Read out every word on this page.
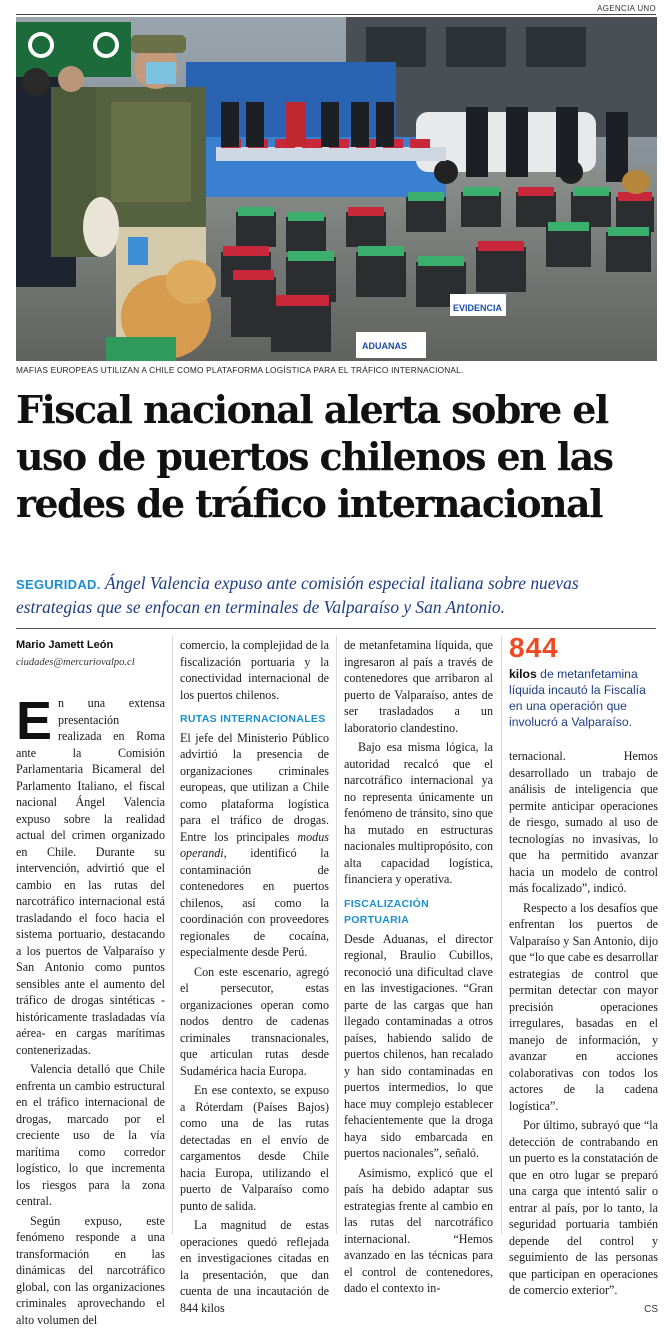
AGENCIA UNO
EVIDENCIA
ADUANAS
MAFIAS EUROPEAS UTILIZAN A CHILE COMO PLATAFORMA LOGÍSTICA PARA EL TRÁFICO INTERNACIONAL.
Fiscal nacional alerta sobre el uso de puertos chilenos en las redes de tráfico internacional
SEGURIDAD. Ángel Valencia expuso ante comisión especial italiana sobre nuevas estrategias que se enfocan en terminales de Valparaíso y San Antonio.
Mario Jamett León
ciudades@mercuriovalpo.cl

En una extensa presentación realizada en Roma ante la Comisión Parlamentaria Bicameral del Parlamento Italiano, el fiscal nacional Ángel Valencia expuso sobre la realidad actual del crimen organizado en Chile. Durante su intervención, advirtió que el cambio en las rutas del narcotráfico internacional está trasladando el foco hacia el sistema portuario, destacando a los puertos de Valparaíso y San Antonio como puntos sensibles ante el aumento del tráfico de drogas sintéticas -históricamente trasladadas vía aérea- en cargas marítimas contenerizadas.

Valencia detalló que Chile enfrenta un cambio estructural en el tráfico internacional de drogas, marcado por el creciente uso de la vía marítima como corredor logístico, lo que incrementa los riesgos para la zona central.

Según expuso, este fenómeno responde a una transformación en las dinámicas del narcotráfico global, con las organizaciones criminales aprovechando el alto volumen del

comercio, la complejidad de la fiscalización portuaria y la conectividad internacional de los puertos chilenos.

RUTAS INTERNACIONALES

El jefe del Ministerio Público advirtió la presencia de organizaciones criminales europeas, que utilizan a Chile como plataforma logística para el tráfico de drogas. Entre los principales modus operandi, identificó la contaminación de contenedores en puertos chilenos, así como la coordinación con proveedores regionales de cocaína, especialmente desde Perú.

Con este escenario, agregó el persecutor, estas organizaciones operan como nodos dentro de cadenas criminales transnacionales, que articulan rutas desde Sudamérica hacia Europa.

En ese contexto, se expuso a Róterdam (Países Bajos) como una de las rutas detectadas en el envío de cargamentos desde Chile hacia Europa, utilizando el puerto de Valparaíso como punto de salida.

La magnitud de estas operaciones quedó reflejada en investigaciones citadas en la presentación, que dan cuenta de una incautación de 844 kilos

de metanfetamina líquida, que ingresaron al país a través de contenedores que arribaron al puerto de Valparaíso, antes de ser trasladados a un laboratorio clandestino.

Bajo esa misma lógica, la autoridad recalcó que el narcotráfico internacional ya no representa únicamente un fenómeno de tránsito, sino que ha mutado en estructuras nacionales multipropósito, con alta capacidad logística, financiera y operativa.

FISCALIZACIÓN PORTUARIA

Desde Aduanas, el director regional, Braulio Cubillos, reconoció una dificultad clave en las investigaciones. “Gran parte de las cargas que han llegado contaminadas a otros países, habiendo salido de puertos chilenos, han recalado y han sido contaminadas en puertos intermedios, lo que hace muy complejo establecer fehacientemente que la droga haya sido embarcada en puertos nacionales”, señaló.

Asimismo, explicó que el país ha debido adaptar sus estrategias frente al cambio en las rutas del narcotráfico internacional. “Hemos avanzado en las técnicas para el control de contenedores, dado el contexto in-

844
kilos de metanfetamina líquida incautó la Fiscalía en una operación que involucró a Valparaíso.

ternacional. Hemos desarrollado un trabajo de análisis de inteligencia que permite anticipar operaciones de riesgo, sumado al uso de tecnologías no invasivas, lo que ha permitido avanzar hacia un modelo de control más focalizado”, indicó.

Respecto a los desafíos que enfrentan los puertos de Valparaíso y San Antonio, dijo que “lo que cabe es desarrollar estrategias de control que permitan detectar con mayor precisión operaciones irregulares, basadas en el manejo de información, y avanzar en acciones colaborativas con todos los actores de la cadena logística”.

Por último, subrayó que “la detección de contrabando en un puerto es la constatación de que en otro lugar se preparó una carga que intentó salir o entrar al país, por lo tanto, la seguridad portuaria también depende del control y seguimiento de las personas que participan en operaciones de comercio exterior”.

CS
